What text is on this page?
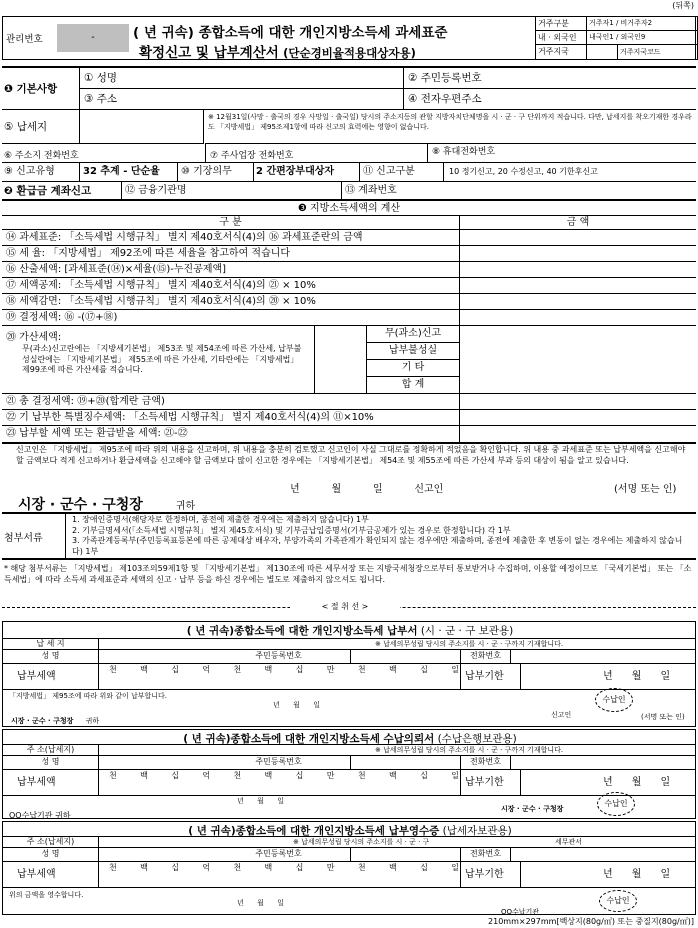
(뒤쪽)
관리번호	-	( 년 귀속) 종합소득에 대한 개인지방소득세 과세표준
확정신고 및 납부계산서 (단순경비율적용대상자용)
거주구분	거주자1 / 비거주자2
내 · 외국인	내국인1 / 외국인9
거주지국	거주지국코드
❶ 기본사항
① 성명	② 주민등록번호
③ 주소	④ 전자우편주소
⑤ 납세지
※ 12월31일(사망 · 출국의 경우 사망일 · 출국일) 당시의 주소지등의 관할 지방자치단체명을 시 · 군 · 구 단위까지 적습니다. 다만, 납세지를 착오기재한 경우라도 「지방세법」 제95조제1항에 따라 신고의 효력에는 영향이 없습니다.
⑥ 주소지 전화번호	⑦ 주사업장 전화번호	⑧ 휴대전화번호
⑨ 신고유형	32 추계 - 단순율	⑩ 기장의무	2 간편장부대상자	⑪ 신고구분	10 정기신고, 20 수정신고, 40 기한후신고
❷ 환급금 계좌신고	⑫ 금융기관명	⑬ 계좌번호
❸ 지방소득세액의 계산
구 분	금 액
⑭ 과세표준: 「소득세법 시행규칙」 별지 제40호서식(4)의 ⑯ 과세표준란의 금액
⑮ 세 율: 「지방세법」 제92조에 따른 세율을 참고하여 적습니다
⑯ 산출세액: [과세표준(⑭)×세율(⑮)-누진공제액]
⑰ 세액공제: 「소득세법 시행규칙」 별지 제40호서식(4)의 ㉑ × 10%
⑱ 세액감면: 「소득세법 시행규칙」 별지 제40호서식(4)의 ⑳ × 10%
⑲ 결정세액: ⑯ -(⑰+⑱)
⑳ 가산세액:
무(과소)신고란에는 「지방세기본법」 제53조 및 제54조에 따른 가산세, 납부불성실란에는 「지방세기본법」 제55조에 따른 가산세, 기타란에는 「지방세법」 제99조에 따른 가산세를 적습니다.
무(과소)신고
납부불성실
기 타
합 계
㉑ 총 결정세액: ⑲+⑳(합계란 금액)
㉒ 기 납부한 특별징수세액: 「소득세법 시행규칙」 별지 제40호서식(4)의 ⑪×10%
㉓ 납부할 세액 또는 환급받을 세액: ㉑-㉒
신고인은 「지방세법」 제95조에 따라 위의 내용을 신고하며, 위 내용을 충분히 검토했고 신고인이 사실 그대로를 정확하게 적었음을 확인합니다. 위 내용 중 과세표준 또는 납부세액을 신고해야 할 금액보다 적게 신고하거나 환급세액을 신고해야 할 금액보다 많이 신고한 경우에는 「지방세기본법」 제54조 및 제55조에 따른 가산세 부과 등의 대상이 됨을 알고 있습니다.
년          월          일          신고인	(서명 또는 인)
시장 · 군수 · 구청장	귀하
첨부서류
1. 장애인증명서(해당자로 한정하며, 종전에 제출한 경우에는 제출하지 않습니다) 1부
2. 기부금명세서(「소득세법 시행규칙」 별지 제45호서식) 및 기부금납입증명서(기부금공제가 있는 경우로 한정합니다) 각 1부
3. 가족관계등록부(주민등록표등본에 따른 공제대상 배우자, 부양가족의 가족관계가 확인되지 않는 경우에만 제출하며, 종전에 제출한 후 변동이 없는 경우에는 제출하지 않습니다) 1부
* 해당 첨부서류는 「지방세법」 제103조의59제1항 및 「지방세기본법」 제130조에 따른 세무서장 또는 지방국세청장으로부터 통보받거나 수집하며, 이용할 예정이므로 「국세기본법」 또는 「소득세법」에 따라 소득세 과세표준과 세액의 신고 · 납부 등을 하신 경우에는 별도로 제출하지 않으셔도 됩니다.
< 절 취 선 >
( 년 귀속)종합소득에 대한 개인지방소득세 납부서 (시 · 군 · 구 보관용)
납 세 지	※ 납세의무성립 당시의 주소지를 시 · 군 · 구까지 기재합니다.
성 명	주민등록번호	전화번호
납부세액
천	백	십	억	천	백	십	만	천	백	십	일
납부기한	년      월      일
「지방세법」 제95조에 따라 위와 같이 납부합니다.
년      월      일
신고인	(서명 또는 인)
수납인
시장 · 군수 · 구청장 귀하
( 년 귀속)종합소득에 대한 개인지방소득세 수납의뢰서 (수납은행보관용)
주 소(납세지)	※ 납세의무성립 당시의 주소지를 시 · 군 · 구까지 기재합니다.
성 명	주민등록번호	전화번호
납부세액
천	백	십	억	천	백	십	만	천	백	십	일
납부기한	년      월      일
년      월      일
시장 · 군수 · 구청장
수납인
OO수납기관 귀하
( 년 귀속)종합소득에 대한 개인지방소득세 납부영수증 (납세자보관용)
주 소(납세지)	※ 납세의무성립 당시의 주소지를 시 · 군 · 구	세무관서
성 명	주민등록번호	전화번호
납부세액
천	백	십	억	천	백	십	만	천	백	십	일
납부기한	년      월      일
위의 금액을 영수합니다.
년      월      일	수납인
OO수납기관
210mm×297mm[백상지(80g/㎡) 또는 중질지(80g/㎡)]
